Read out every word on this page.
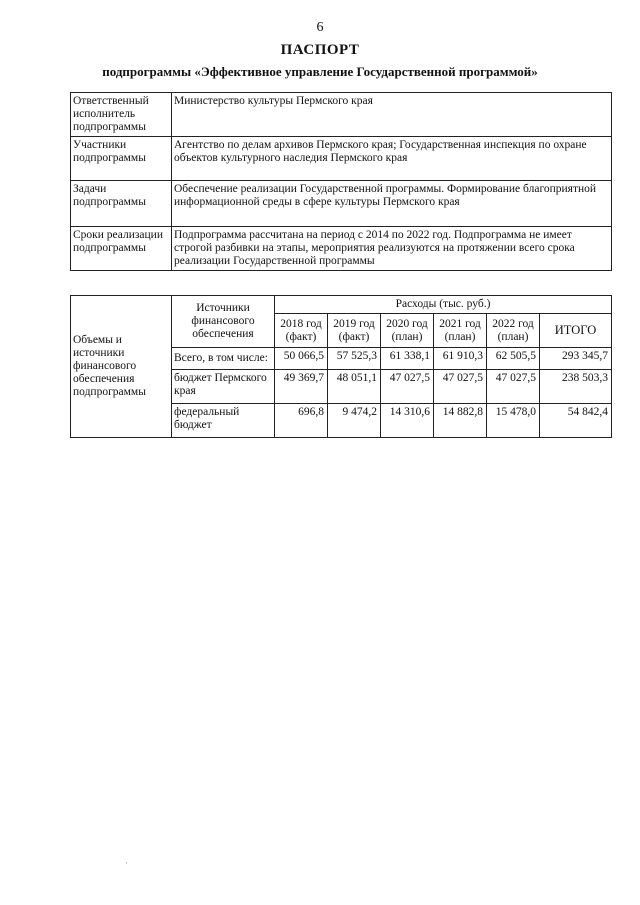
6
ПАСПОРТ
подпрограммы «Эффективное управление Государственной программой»
Ответственный исполнитель подпрограммы	Министерство культуры Пермского края
Участники подпрограммы	Агентство по делам архивов Пермского края; Государственная инспекция по охране объектов культурного наследия Пермского края
Задачи подпрограммы	Обеспечение реализации Государственной программы. Формирование благоприятной информационной среды в сфере культуры Пермского края
Сроки реализации подпрограммы	Подпрограмма рассчитана на период с 2014 по 2022 год. Подпрограмма не имеет строгой разбивки на этапы, мероприятия реализуются на протяжении всего срока реализации Государственной программы
Объемы и источники финансового обеспечения подпрограммы	Источники финансового обеспечения	Расходы (тыс. руб.)					
		2018 год (факт)	2019 год (факт)	2020 год (план)	2021 год (план)	2022 год (план)	ИТОГО
	Всего, в том числе:	50 066,5	57 525,3	61 338,1	61 910,3	62 505,5	293 345,7
	бюджет Пермского края	49 369,7	48 051,1	47 027,5	47 027,5	47 027,5	238 503,3
	федеральный бюджет	696,8	9 474,2	14 310,6	14 882,8	15 478,0	54 842,4
·
